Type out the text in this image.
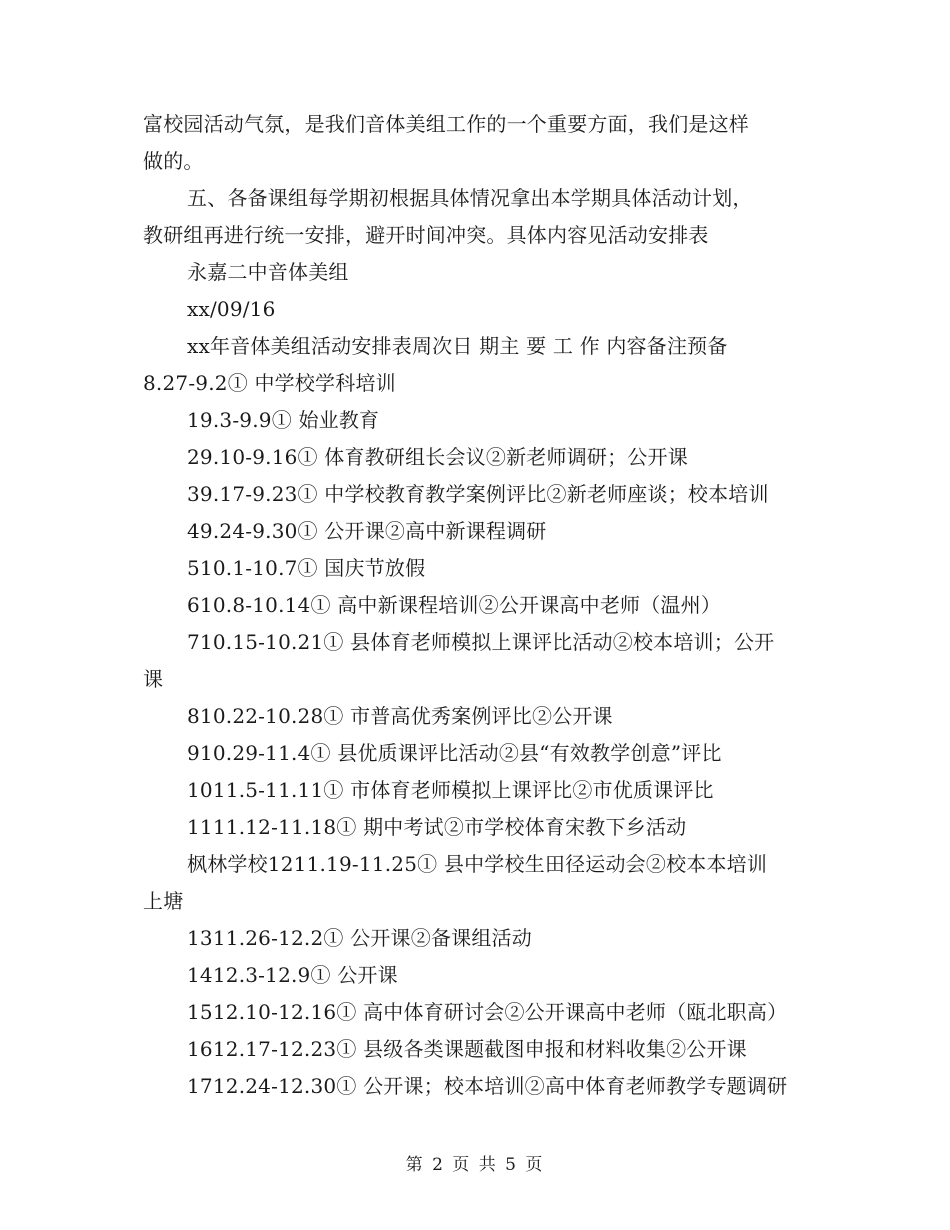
富校园活动气氛，是我们音体美组工作的一个重要方面，我们是这样
做的。
五、各备课组每学期初根据具体情况拿出本学期具体活动计划，
教研组再进行统一安排，避开时间冲突。具体内容见活动安排表
永嘉二中音体美组
xx/09/16
xx年音体美组活动安排表周次日 期主 要 工 作 内容备注预备
8.27-9.2① 中学校学科培训
19.3-9.9① 始业教育
29.10-9.16① 体育教研组长会议②新老师调研；公开课
39.17-9.23① 中学校教育教学案例评比②新老师座谈；校本培训
49.24-9.30① 公开课②高中新课程调研
510.1-10.7① 国庆节放假
610.8-10.14① 高中新课程培训②公开课高中老师（温州）
710.15-10.21① 县体育老师模拟上课评比活动②校本培训；公开
课
810.22-10.28① 市普高优秀案例评比②公开课
910.29-11.4① 县优质课评比活动②县“有效教学创意”评比
1011.5-11.11① 市体育老师模拟上课评比②市优质课评比
1111.12-11.18① 期中考试②市学校体育宋教下乡活动
枫林学校1211.19-11.25① 县中学校生田径运动会②校本本培训
上塘
1311.26-12.2① 公开课②备课组活动
1412.3-12.9① 公开课
1512.10-12.16① 高中体育研讨会②公开课高中老师（瓯北职高）
1612.17-12.23① 县级各类课题截图申报和材料收集②公开课
1712.24-12.30① 公开课；校本培训②高中体育老师教学专题调研
第 2 页 共 5 页
